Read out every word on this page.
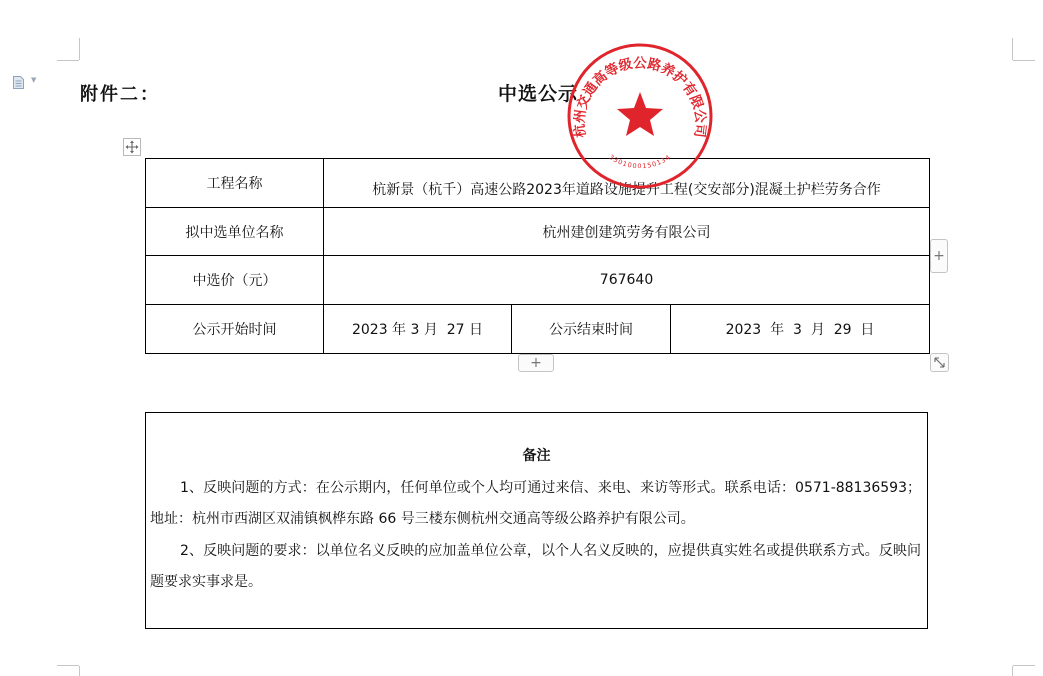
▼
附件二：	中选公示
工程名称	杭新景（杭千）高速公路2023年道路设施提升工程(交安部分)混凝土护栏劳务合作		
拟中选单位名称	杭州建创建筑劳务有限公司		
中选价（元）	767640		
公示开始时间	2023 年 3 月  27 日	公示结束时间	2023  年  3  月  29  日
杭州交通高等级公路养护有限公司
3301000150134
+
+
备注

1、反映问题的方式：在公示期内，任何单位或个人均可通过来信、来电、来访等形式。联系电话：0571-88136593；地址：杭州市西湖区双浦镇枫桦东路 66 号三楼东侧杭州交通高等级公路养护有限公司。

2、反映问题的要求：以单位名义反映的应加盖单位公章，以个人名义反映的，应提供真实姓名或提供联系方式。反映问题要求实事求是。
